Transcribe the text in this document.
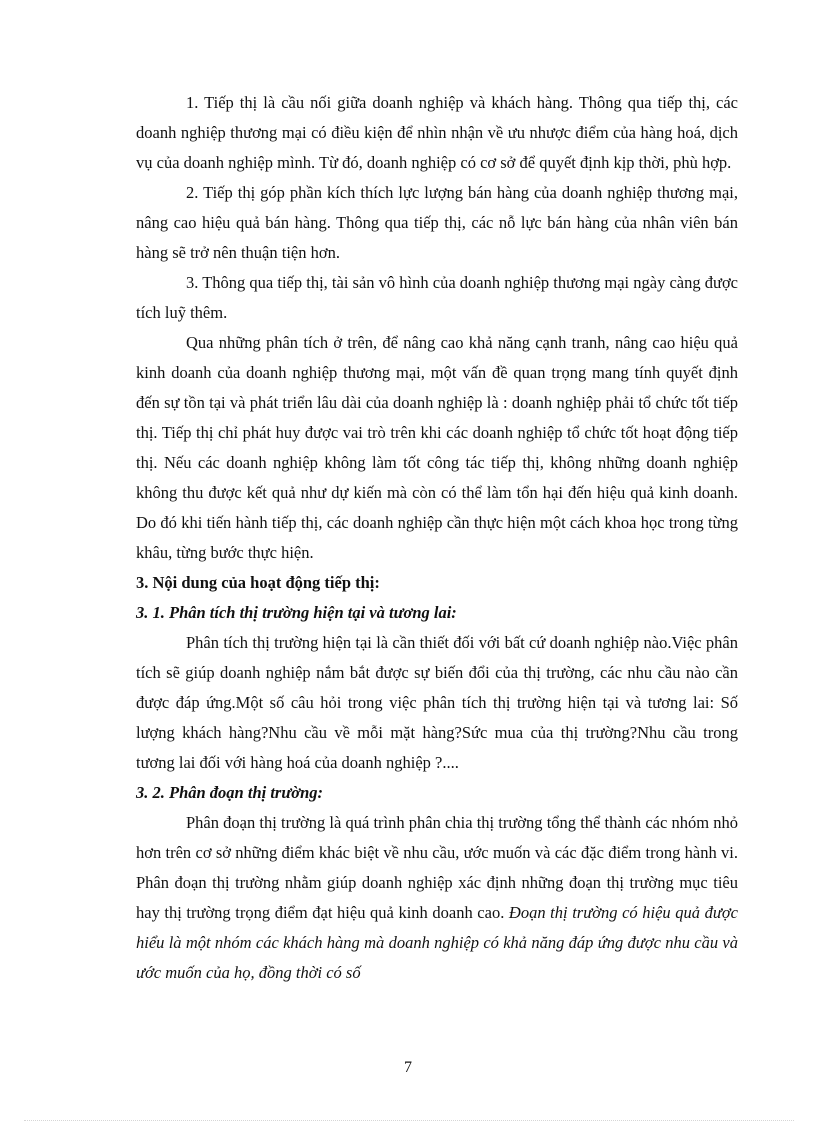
1. Tiếp thị là cầu nối giữa doanh nghiệp và khách hàng. Thông qua tiếp thị, các doanh nghiệp thương mại có điều kiện để nhìn nhận về ưu nhược điểm của hàng hoá, dịch vụ của doanh nghiệp mình. Từ đó, doanh nghiệp có cơ sở để quyết định kịp thời, phù hợp.

2. Tiếp thị góp phần kích thích lực lượng bán hàng của doanh nghiệp thương mại, nâng cao hiệu quả bán hàng. Thông qua tiếp thị, các nỗ lực bán hàng của nhân viên bán hàng sẽ trở nên thuận tiện hơn.

3. Thông qua tiếp thị, tài sản vô hình của doanh nghiệp thương mại ngày càng được tích luỹ thêm.

Qua những phân tích ở trên, để nâng cao khả năng cạnh tranh, nâng cao hiệu quả kinh doanh của doanh nghiệp thương mại, một vấn đề quan trọng mang tính quyết định đến sự tồn tại và phát triển lâu dài của doanh nghiệp là : doanh nghiệp phải tổ chức tốt tiếp thị. Tiếp thị chỉ phát huy được vai trò trên khi các doanh nghiệp tổ chức tốt hoạt động tiếp thị. Nếu các doanh nghiệp không làm tốt công tác tiếp thị, không những doanh nghiệp không thu được kết quả như dự kiến mà còn có thể làm tổn hại đến hiệu quả kinh doanh. Do đó khi tiến hành tiếp thị, các doanh nghiệp cần thực hiện một cách khoa học trong từng khâu, từng bước thực hiện.

3. Nội dung của hoạt động tiếp thị:
3. 1. Phân tích thị trường hiện tại và tương lai:

Phân tích thị trường hiện tại là cần thiết đối với bất cứ doanh nghiệp nào.Việc phân tích sẽ giúp doanh nghiệp nắm bắt được sự biến đổi của thị trường, các nhu cầu nào cần được đáp ứng.Một số câu hỏi trong việc phân tích thị trường hiện tại và tương lai: Số lượng khách hàng?Nhu cầu về mỗi mặt hàng?Sức mua của thị trường?Nhu cầu trong tương lai đối với hàng hoá của doanh nghiệp ?....

3. 2. Phân đoạn thị trường:

Phân đoạn thị trường là quá trình phân chia thị trường tổng thể thành các nhóm nhỏ hơn trên cơ sở những điểm khác biệt về nhu cầu, ước muốn và các đặc điểm trong hành vi. Phân đoạn thị trường nhằm giúp doanh nghiệp xác định những đoạn thị trường mục tiêu hay thị trường trọng điểm đạt hiệu quả kinh doanh cao. Đoạn thị trường có hiệu quả được hiểu là một nhóm các khách hàng mà doanh nghiệp có khả năng đáp ứng được nhu cầu và ước muốn của họ, đồng thời có số

7
